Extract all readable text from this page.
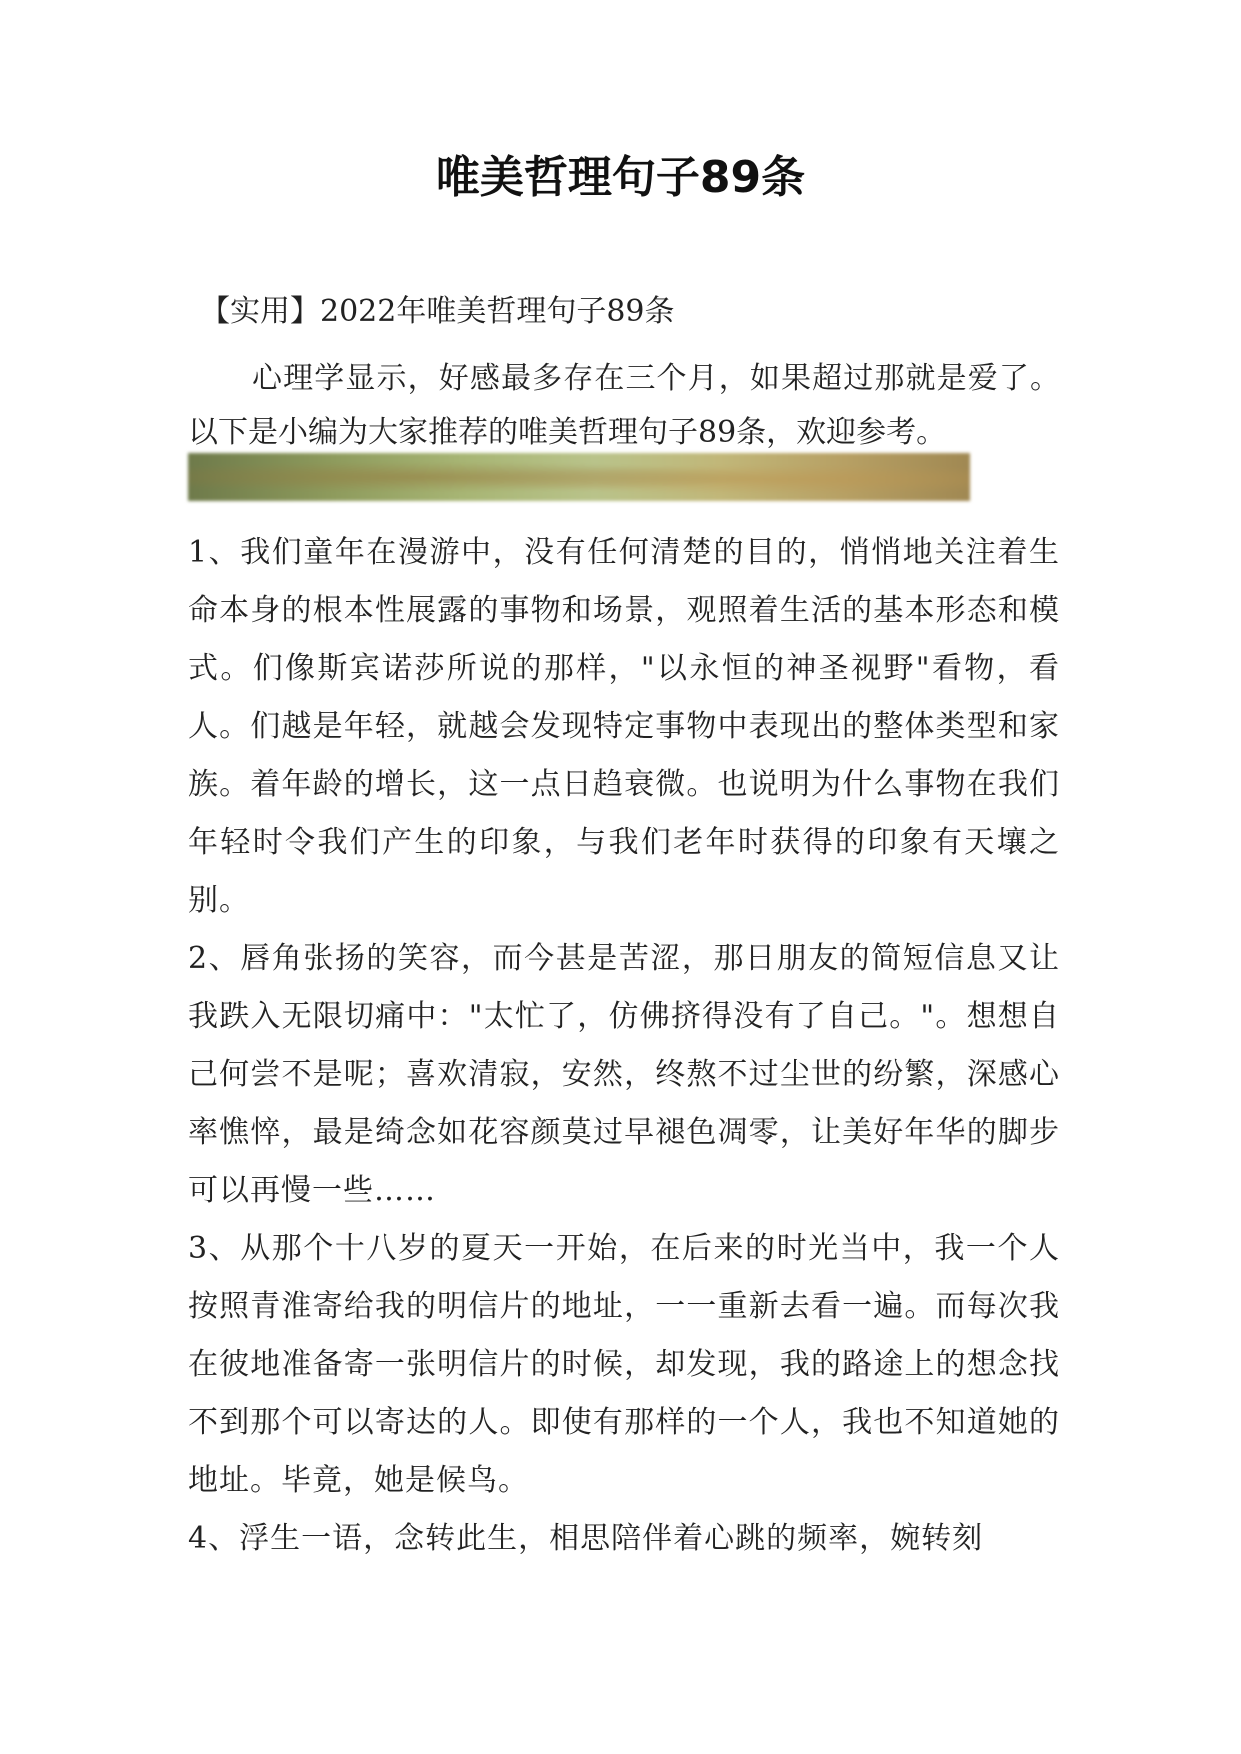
唯美哲理句子89条

【实用】2022年唯美哲理句子89条

心理学显示，好感最多存在三个月，如果超过那就是爱了。以下是小编为大家推荐的唯美哲理句子89条，欢迎参考。

1、我们童年在漫游中，没有任何清楚的目的，悄悄地关注着生命本身的根本性展露的事物和场景，观照着生活的基本形态和模式。们像斯宾诺莎所说的那样，"以永恒的神圣视野"看物，看人。们越是年轻，就越会发现特定事物中表现出的整体类型和家族。着年龄的增长，这一点日趋衰微。也说明为什么事物在我们年轻时令我们产生的印象，与我们老年时获得的印象有天壤之别。

2、唇角张扬的笑容，而今甚是苦涩，那日朋友的简短信息又让我跌入无限切痛中："太忙了，仿佛挤得没有了自己。"。想想自己何尝不是呢；喜欢清寂，安然，终熬不过尘世的纷繁，深感心率憔悴，最是绮念如花容颜莫过早褪色凋零，让美好年华的脚步可以再慢一些……

3、从那个十八岁的夏天一开始，在后来的时光当中，我一个人按照青淮寄给我的明信片的地址，一一重新去看一遍。而每次我在彼地准备寄一张明信片的时候，却发现，我的路途上的想念找不到那个可以寄达的人。即使有那样的一个人，我也不知道她的地址。毕竟，她是候鸟。

4、浮生一语，念转此生，相思陪伴着心跳的频率，婉转刻
